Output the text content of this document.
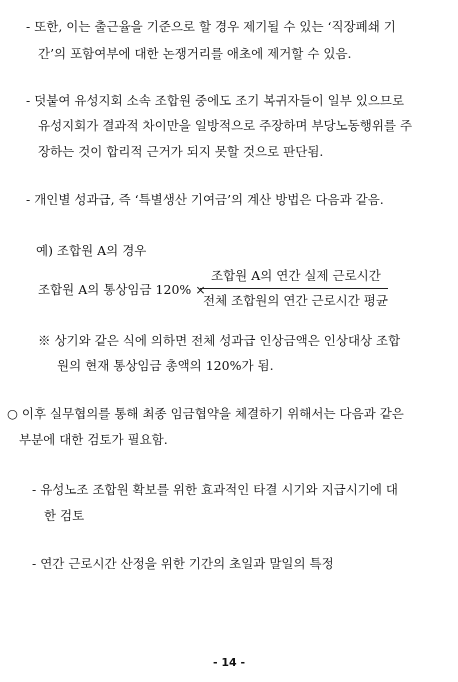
- 또한, 이는 출근율을 기준으로 할 경우 제기될 수 있는 ‘직장폐쇄 기
간’의 포함여부에 대한 논쟁거리를 애초에 제거할 수 있음.
- 덧붙여 유성지회 소속 조합원 중에도 조기 복귀자들이 일부 있으므로
유성지회가 결과적 차이만을 일방적으로 주장하며 부당노동행위를 주
장하는 것이 합리적 근거가 되지 못할 것으로 판단됨.
- 개인별 성과급, 즉 ‘특별생산 기여금’의 계산 방법은 다음과 같음.
예) 조합원 A의 경우
조합원 A의 통상임금 120% ×
조합원 A의 연간 실제 근로시간
전체 조합원의 연간 근로시간 평균
※ 상기와 같은 식에 의하면 전체 성과급 인상금액은 인상대상 조합
원의 현재 통상임금 총액의 120%가 됨.
○ 이후 실무협의를 통해 최종 임금협약을 체결하기 위해서는 다음과 같은
부분에 대한 검토가 필요함.
- 유성노조 조합원 확보를 위한 효과적인 타결 시기와 지급시기에 대
한 검토
- 연간 근로시간 산정을 위한 기간의 초일과 말일의 특정
- 14 -
